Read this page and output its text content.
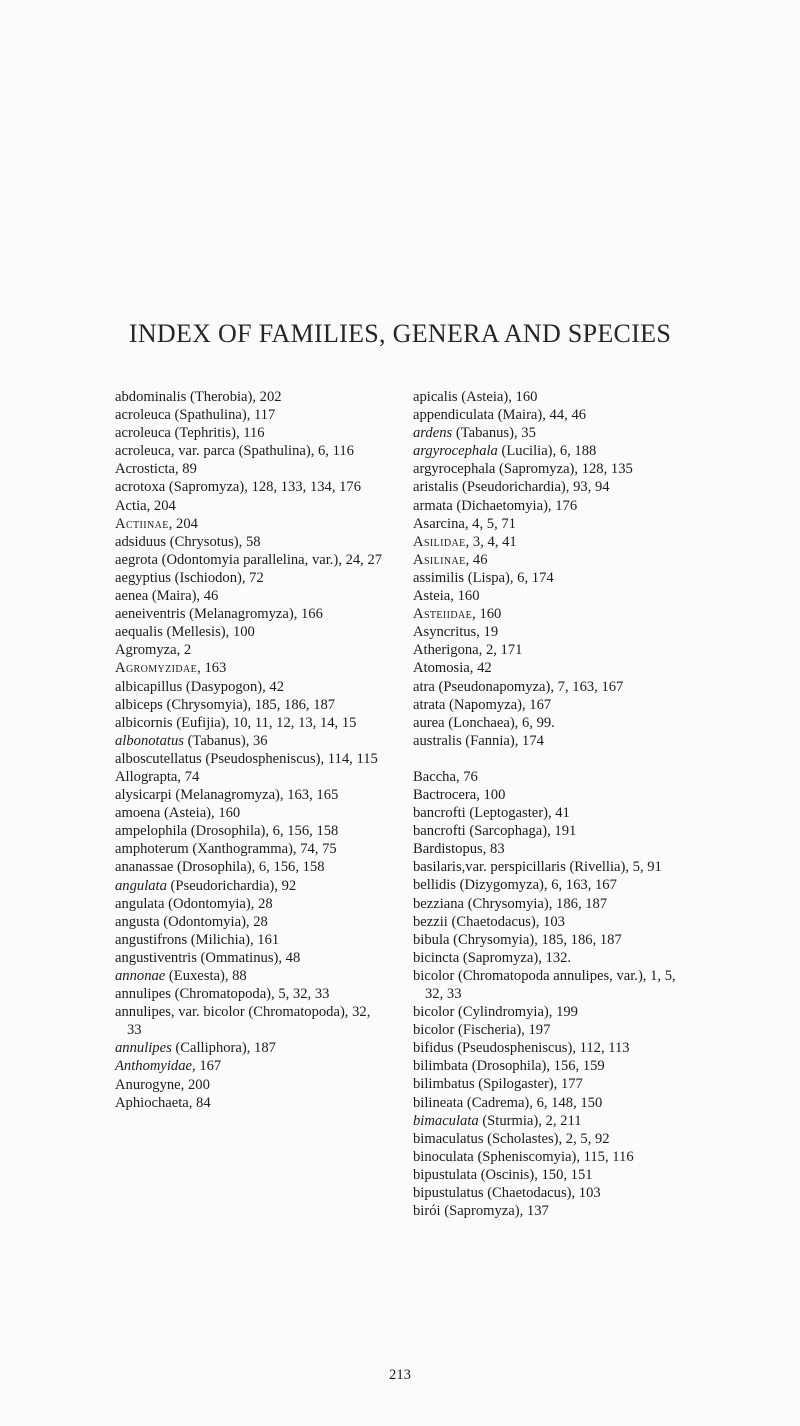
INDEX OF FAMILIES, GENERA AND SPECIES

abdominalis (Therobia), 202

acroleuca (Spathulina), 117

acroleuca (Tephritis), 116

acroleuca, var. parca (Spathulina), 6, 116

Acrosticta, 89

acrotoxa (Sapromyza), 128, 133, 134, 176

Actia, 204

Actiinae, 204

adsiduus (Chrysotus), 58

aegrota (Odontomyia parallelina, var.), 24, 27

aegyptius (Ischiodon), 72

aenea (Maira), 46

aeneiventris (Melanagromyza), 166

aequalis (Mellesis), 100

Agromyza, 2

Agromyzidae, 163

albicapillus (Dasypogon), 42

albiceps (Chrysomyia), 185, 186, 187

albicornis (Eufijia), 10, 11, 12, 13, 14, 15

albonotatus (Tabanus), 36

alboscutellatus (Pseudospheniscus), 114, 115

Allograpta, 74

alysicarpi (Melanagromyza), 163, 165

amoena (Asteia), 160

ampelophila (Drosophila), 6, 156, 158

amphoterum (Xanthogramma), 74, 75

ananassae (Drosophila), 6, 156, 158

angulata (Pseudorichardia), 92

angulata (Odontomyia), 28

angusta (Odontomyia), 28

angustifrons (Milichia), 161

angustiventris (Ommatinus), 48

annonae (Euxesta), 88

annulipes (Chromatopoda), 5, 32, 33

annulipes, var. bicolor (Chromatopoda), 32, 33

annulipes (Calliphora), 187

Anthomyidae, 167

Anurogyne, 200

Aphiochaeta, 84

apicalis (Asteia), 160

appendiculata (Maira), 44, 46

ardens (Tabanus), 35

argyrocephala (Lucilia), 6, 188

argyrocephala (Sapromyza), 128, 135

aristalis (Pseudorichardia), 93, 94

armata (Dichaetomyia), 176

Asarcina, 4, 5, 71

Asilidae, 3, 4, 41

Asilinae, 46

assimilis (Lispa), 6, 174

Asteia, 160

Asteiidae, 160

Asyncritus, 19

Atherigona, 2, 171

Atomosia, 42

atra (Pseudonapomyza), 7, 163, 167

atrata (Napomyza), 167

aurea (Lonchaea), 6, 99.

australis (Fannia), 174

Baccha, 76

Bactrocera, 100

bancrofti (Leptogaster), 41

bancrofti (Sarcophaga), 191

Bardistopus, 83

basilaris,var. perspicillaris (Rivellia), 5, 91

bellidis (Dizygomyza), 6, 163, 167

bezziana (Chrysomyia), 186, 187

bezzii (Chaetodacus), 103

bibula (Chrysomyia), 185, 186, 187

bicincta (Sapromyza), 132.

bicolor (Chromatopoda annulipes, var.), 1, 5, 32, 33

bicolor (Cylindromyia), 199

bicolor (Fischeria), 197

bifidus (Pseudosphenisсus), 112, 113

bilimbata (Drosophila), 156, 159

bilimbatus (Spilogaster), 177

bilineata (Cadrema), 6, 148, 150

bimaculata (Sturmia), 2, 211

bimaculatus (Scholastes), 2, 5, 92

binoculata (Spheniscomyia), 115, 116

bipustulata (Oscinis), 150, 151

bipustulatus (Chaetodacus), 103

birói (Sapromyza), 137

213
